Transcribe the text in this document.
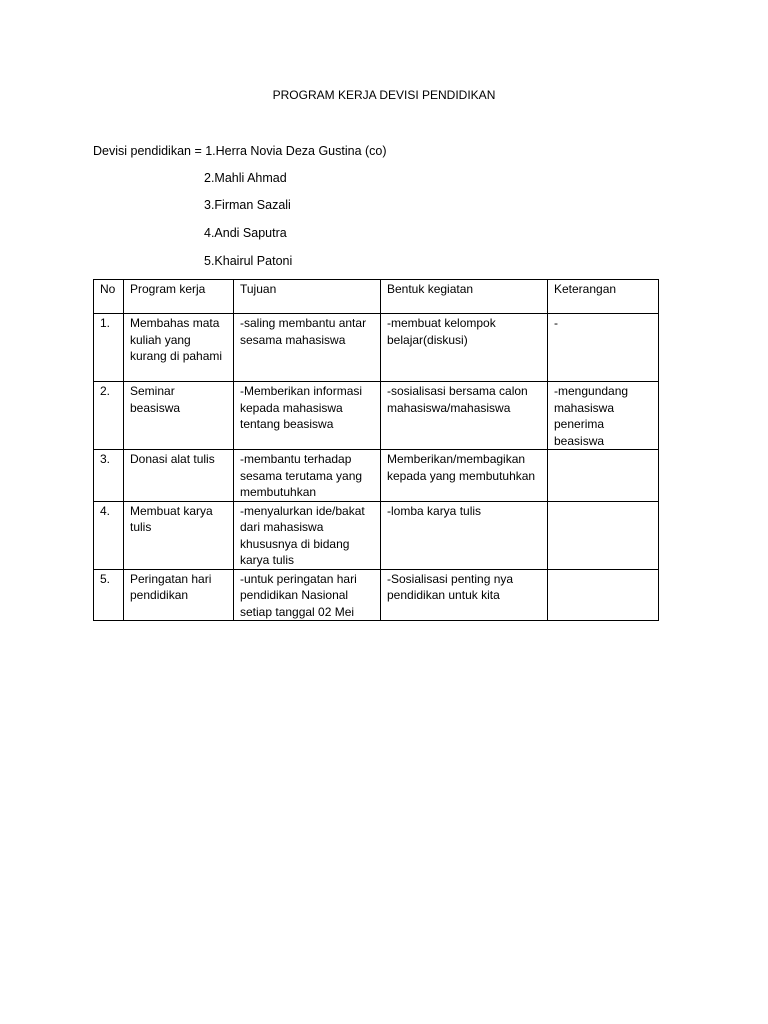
PROGRAM KERJA DEVISI PENDIDIKAN
Devisi pendidikan = 1.Herra Novia Deza Gustina (co)
2.Mahli Ahmad
3.Firman Sazali
4.Andi Saputra
5.Khairul Patoni
No	Program kerja	Tujuan	Bentuk kegiatan	Keterangan
1.	Membahas mata kuliah yang kurang di pahami	-saling membantu antar sesama mahasiswa	-membuat kelompok belajar(diskusi)	-
2.	Seminar beasiswa	-Memberikan informasi kepada mahasiswa tentang beasiswa	-sosialisasi bersama calon mahasiswa/mahasiswa	-mengundang mahasiswa penerima beasiswa
3.	Donasi alat tulis	-membantu terhadap sesama terutama yang membutuhkan	Memberikan/membagikan kepada yang membutuhkan	
4.	Membuat karya tulis	-menyalurkan ide/bakat dari mahasiswa khususnya di bidang karya tulis	-lomba karya tulis	
5.	Peringatan hari pendidikan	-untuk peringatan hari pendidikan Nasional setiap tanggal 02 Mei	-Sosialisasi penting nya pendidikan untuk kita	
